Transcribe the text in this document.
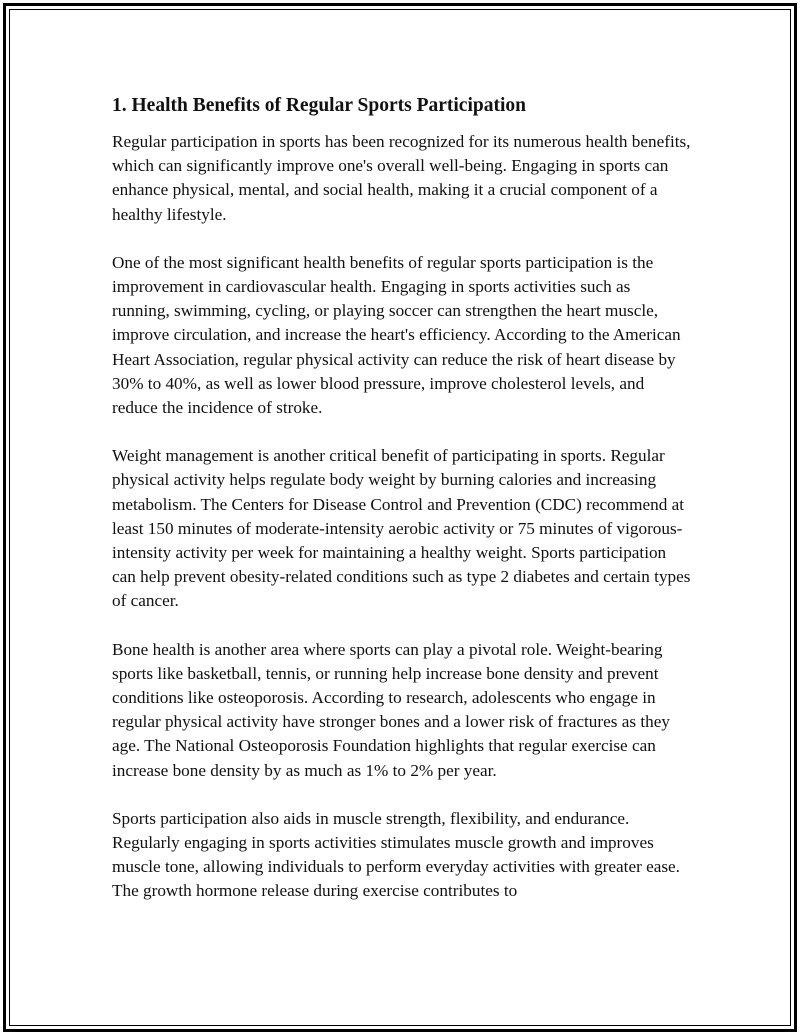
1. Health Benefits of Regular Sports Participation

Regular participation in sports has been recognized for its numerous health benefits, which can significantly improve one's overall well-being. Engaging in sports can enhance physical, mental, and social health, making it a crucial component of a healthy lifestyle.

One of the most significant health benefits of regular sports participation is the improvement in cardiovascular health. Engaging in sports activities such as running, swimming, cycling, or playing soccer can strengthen the heart muscle, improve circulation, and increase the heart's efficiency. According to the American Heart Association, regular physical activity can reduce the risk of heart disease by 30% to 40%, as well as lower blood pressure, improve cholesterol levels, and reduce the incidence of stroke.

Weight management is another critical benefit of participating in sports. Regular physical activity helps regulate body weight by burning calories and increasing metabolism. The Centers for Disease Control and Prevention (CDC) recommend at least 150 minutes of moderate-intensity aerobic activity or 75 minutes of vigorous-intensity activity per week for maintaining a healthy weight. Sports participation can help prevent obesity-related conditions such as type 2 diabetes and certain types of cancer.

Bone health is another area where sports can play a pivotal role. Weight-bearing sports like basketball, tennis, or running help increase bone density and prevent conditions like osteoporosis. According to research, adolescents who engage in regular physical activity have stronger bones and a lower risk of fractures as they age. The National Osteoporosis Foundation highlights that regular exercise can increase bone density by as much as 1% to 2% per year.

Sports participation also aids in muscle strength, flexibility, and endurance. Regularly engaging in sports activities stimulates muscle growth and improves muscle tone, allowing individuals to perform everyday activities with greater ease. The growth hormone release during exercise contributes to
